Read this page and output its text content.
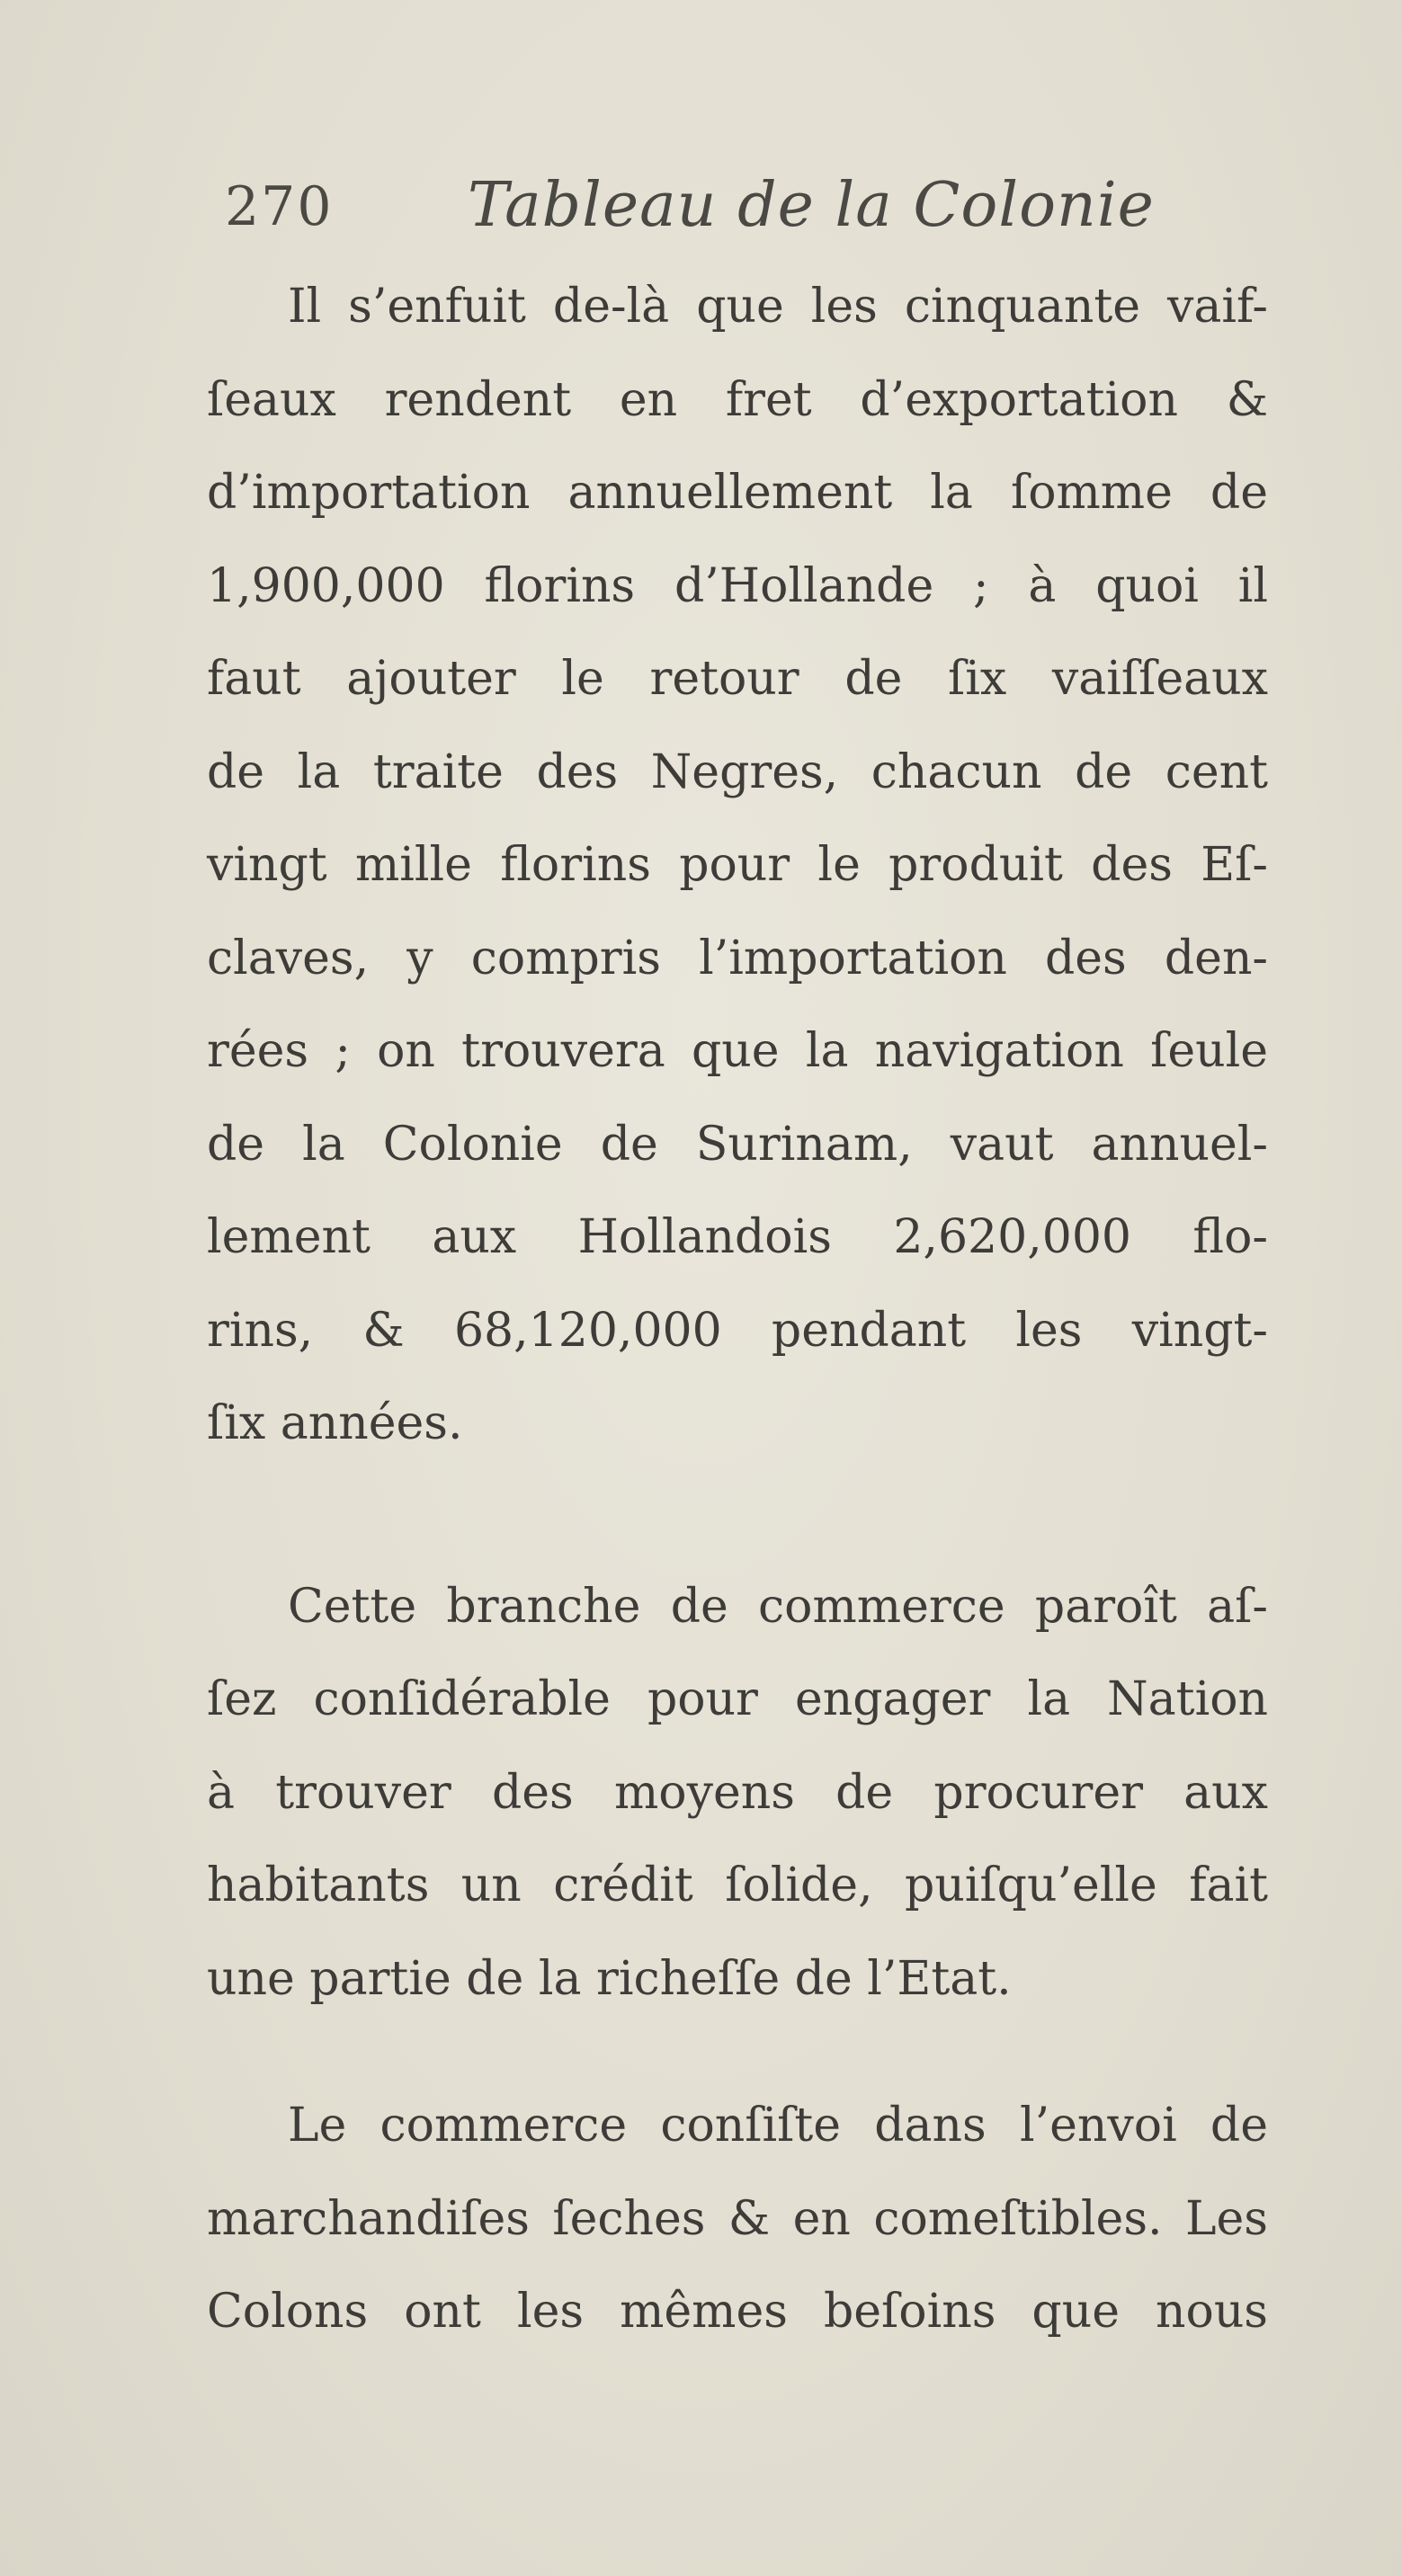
270 Tableau de la Colonie
Il s’enfuit de-là que les cinquante vaif-
ſeaux rendent en fret d’exportation &
d’importation annuellement la ſomme de
1,900,000 florins d’Hollande ; à quoi il
faut ajouter le retour de ſix vaiſſeaux
de la traite des Negres, chacun de cent
vingt mille florins pour le produit des Eſ-
claves, y compris l’importation des den-
rées ; on trouvera que la navigation ſeule
de la Colonie de Surinam, vaut annuel-
lement aux Hollandois 2,620,000 flo-
rins, & 68,120,000 pendant les vingt-
ſix années.
Cette branche de commerce paroît aſ-
ſez conſidérable pour engager la Nation
à trouver des moyens de procurer aux
habitants un crédit ſolide, puiſqu’elle fait
une partie de la richeſſe de l’Etat.
Le commerce conſiſte dans l’envoi de
marchandiſes ſeches & en comeſtibles. Les
Colons ont les mêmes beſoins que nous
